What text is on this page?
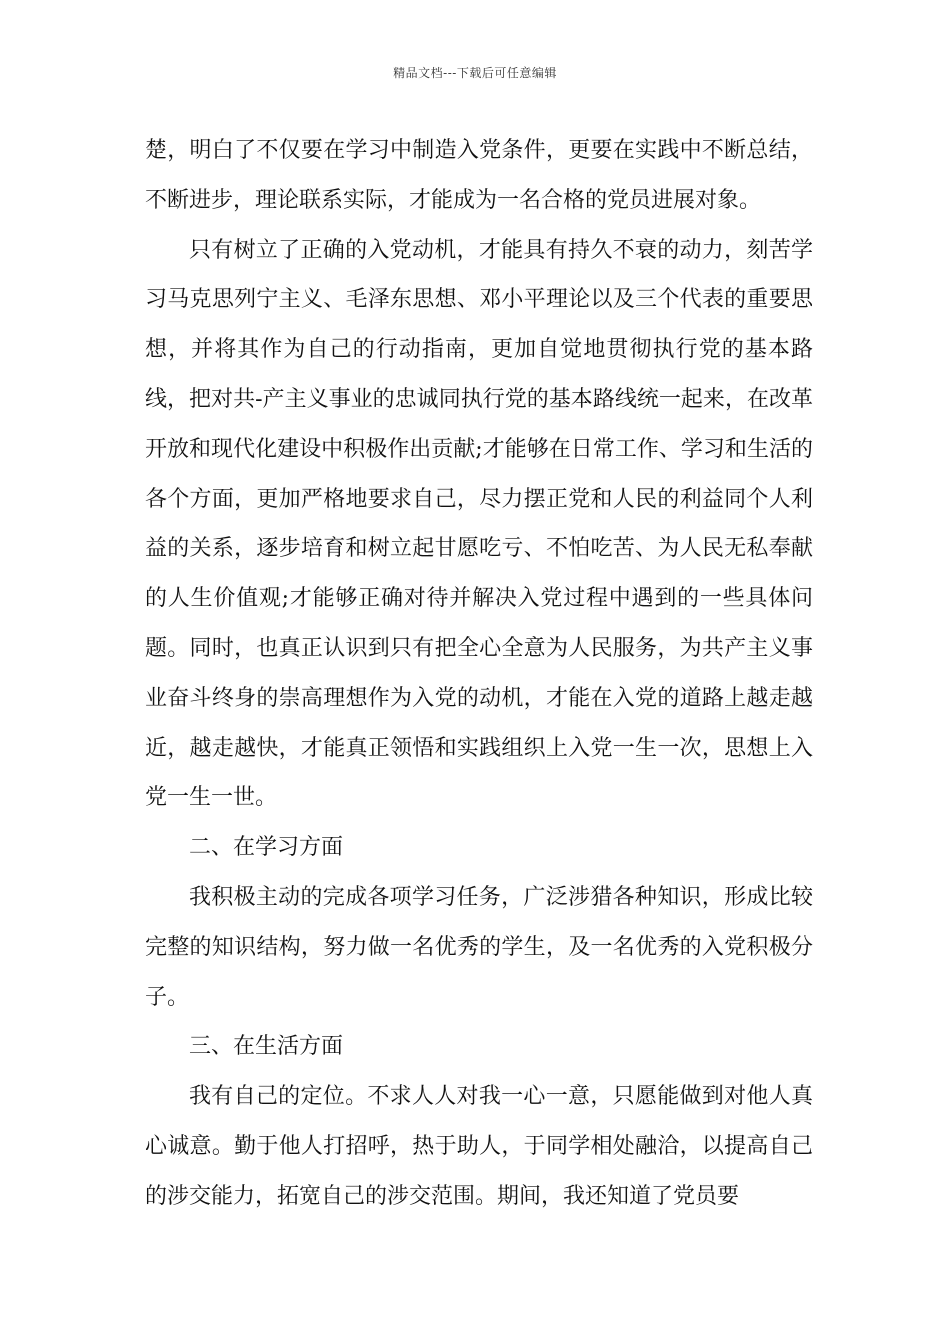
精品文档---下载后可任意编辑

楚，明白了不仅要在学习中制造入党条件，更要在实践中不断总结，不断进步，理论联系实际，才能成为一名合格的党员进展对象。

只有树立了正确的入党动机，才能具有持久不衰的动力，刻苦学习马克思列宁主义、毛泽东思想、邓小平理论以及三个代表的重要思想，并将其作为自己的行动指南，更加自觉地贯彻执行党的基本路线，把对共-产主义事业的忠诚同执行党的基本路线统一起来，在改革开放和现代化建设中积极作出贡献;才能够在日常工作、学习和生活的各个方面，更加严格地要求自己，尽力摆正党和人民的利益同个人利益的关系，逐步培育和树立起甘愿吃亏、不怕吃苦、为人民无私奉献的人生价值观;才能够正确对待并解决入党过程中遇到的一些具体问题。同时，也真正认识到只有把全心全意为人民服务，为共产主义事业奋斗终身的崇高理想作为入党的动机，才能在入党的道路上越走越近，越走越快，才能真正领悟和实践组织上入党一生一次，思想上入党一生一世。

二、在学习方面

我积极主动的完成各项学习任务，广泛涉猎各种知识，形成比较完整的知识结构，努力做一名优秀的学生，及一名优秀的入党积极分子。

三、在生活方面

我有自己的定位。不求人人对我一心一意，只愿能做到对他人真心诚意。勤于他人打招呼，热于助人，于同学相处融洽，以提高自己的涉交能力，拓宽自己的涉交范围。期间，我还知道了党员要
